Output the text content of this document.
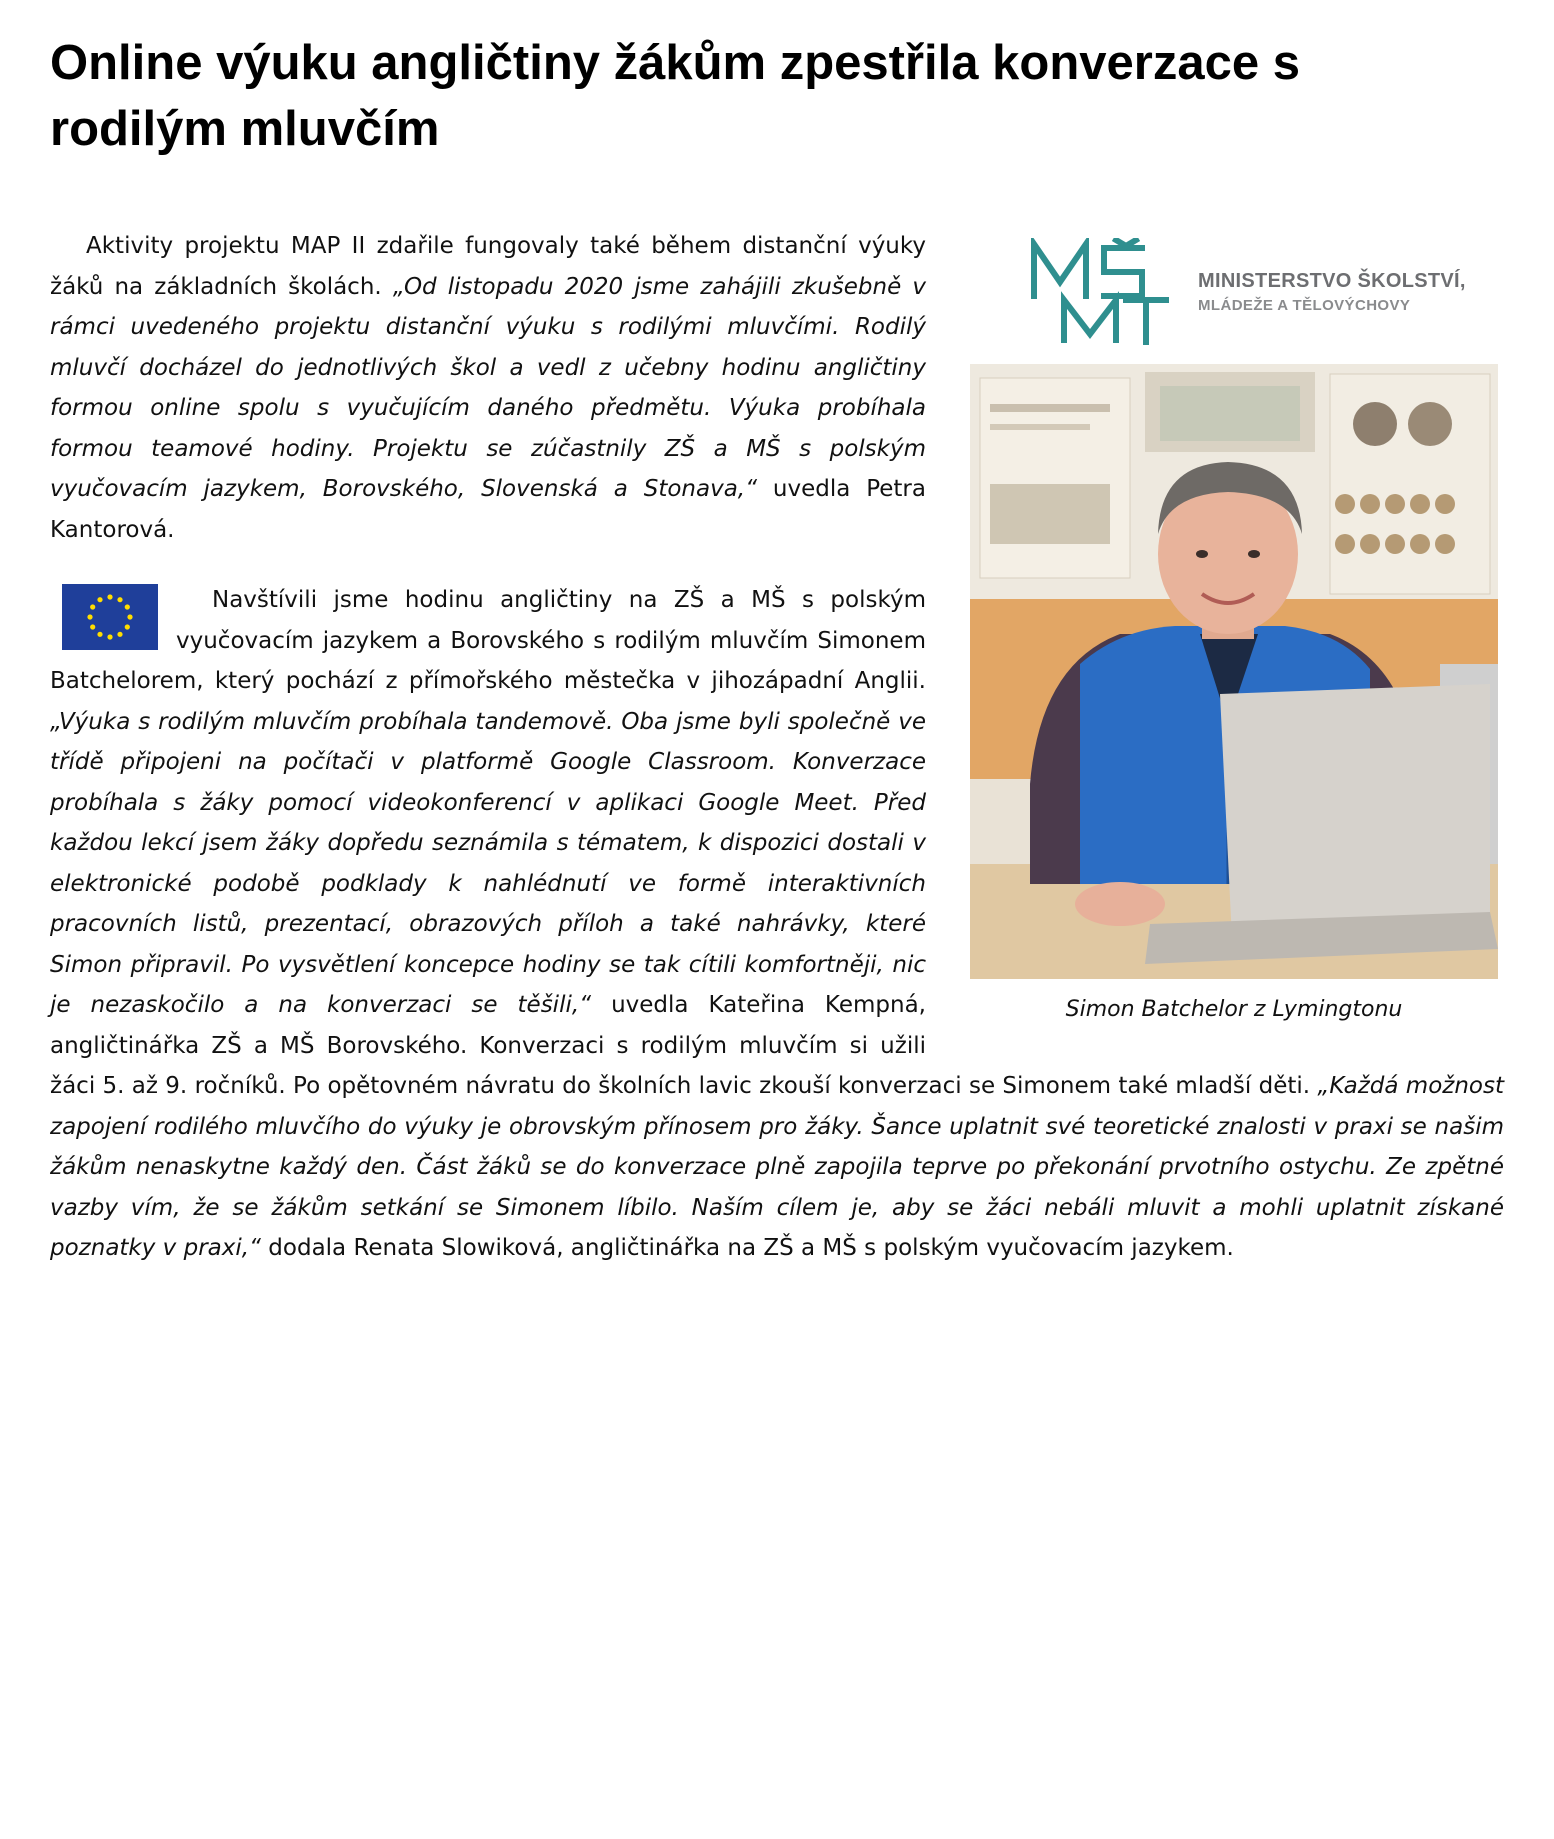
Online výuku angličtiny žákům zpestřila konverzace s rodilým mluvčím
MINISTERSTVO ŠKOLSTVÍ,
MLÁDEŽE A TĚLOVÝCHOVY
Simon Batchelor z Lymingtonu

Aktivity projektu MAP II zdařile fungovaly také během distanční výuky žáků na základních školách. „Od listopadu 2020 jsme zahájili zkušebně v rámci uvedeného projektu distanční výuku s rodilými mluvčími. Rodilý mluvčí docházel do jednotlivých škol a vedl z učebny hodinu angličtiny formou online spolu s vyučujícím daného předmětu. Výuka probíhala formou teamové hodiny. Projektu se zúčastnily ZŠ a MŠ s polským vyučovacím jazykem, Borovského, Slovenská a Stonava,“ uvedla Petra Kantorová.

Navštívili jsme hodinu angličtiny na ZŠ a MŠ s polským vyučovacím jazykem a Borovského s rodilým mluvčím Simonem Batchelorem, který pochází z přímořského městečka v jihozápadní Anglii. „Výuka s rodilým mluvčím probíhala tandemově. Oba jsme byli společně ve třídě připojeni na počítači v platformě Google Classroom. Konverzace probíhala s žáky pomocí videokonferencí v aplikaci Google Meet. Před každou lekcí jsem žáky dopředu seznámila s tématem, k dispozici dostali v elektronické podobě podklady k nahlédnutí ve formě interaktivních pracovních listů, prezentací, obrazových příloh a také nahrávky, které Simon připravil. Po vysvětlení koncepce hodiny se tak cítili komfortněji, nic je nezaskočilo a na konverzaci se těšili,“ uvedla Kateřina Kempná, angličtinářka ZŠ a MŠ Borovského. Konverzaci s rodilým mluvčím si užili žáci 5. až 9. ročníků. Po opětovném návratu do školních lavic zkouší konverzaci se Simonem také mladší děti. „Každá možnost zapojení rodilého mluvčího do výuky je obrovským přínosem pro žáky. Šance uplatnit své teoretické znalosti v praxi se našim žákům nenaskytne každý den. Část žáků se do konverzace plně zapojila teprve po překonání prvotního ostychu. Ze zpětné vazby vím, že se žákům setkání se Simonem líbilo. Naším cílem je, aby se žáci nebáli mluvit a mohli uplatnit získané poznatky v praxi,“ dodala Renata Slowiková, angličtinářka na ZŠ a MŠ s polským vyučovacím jazykem.
